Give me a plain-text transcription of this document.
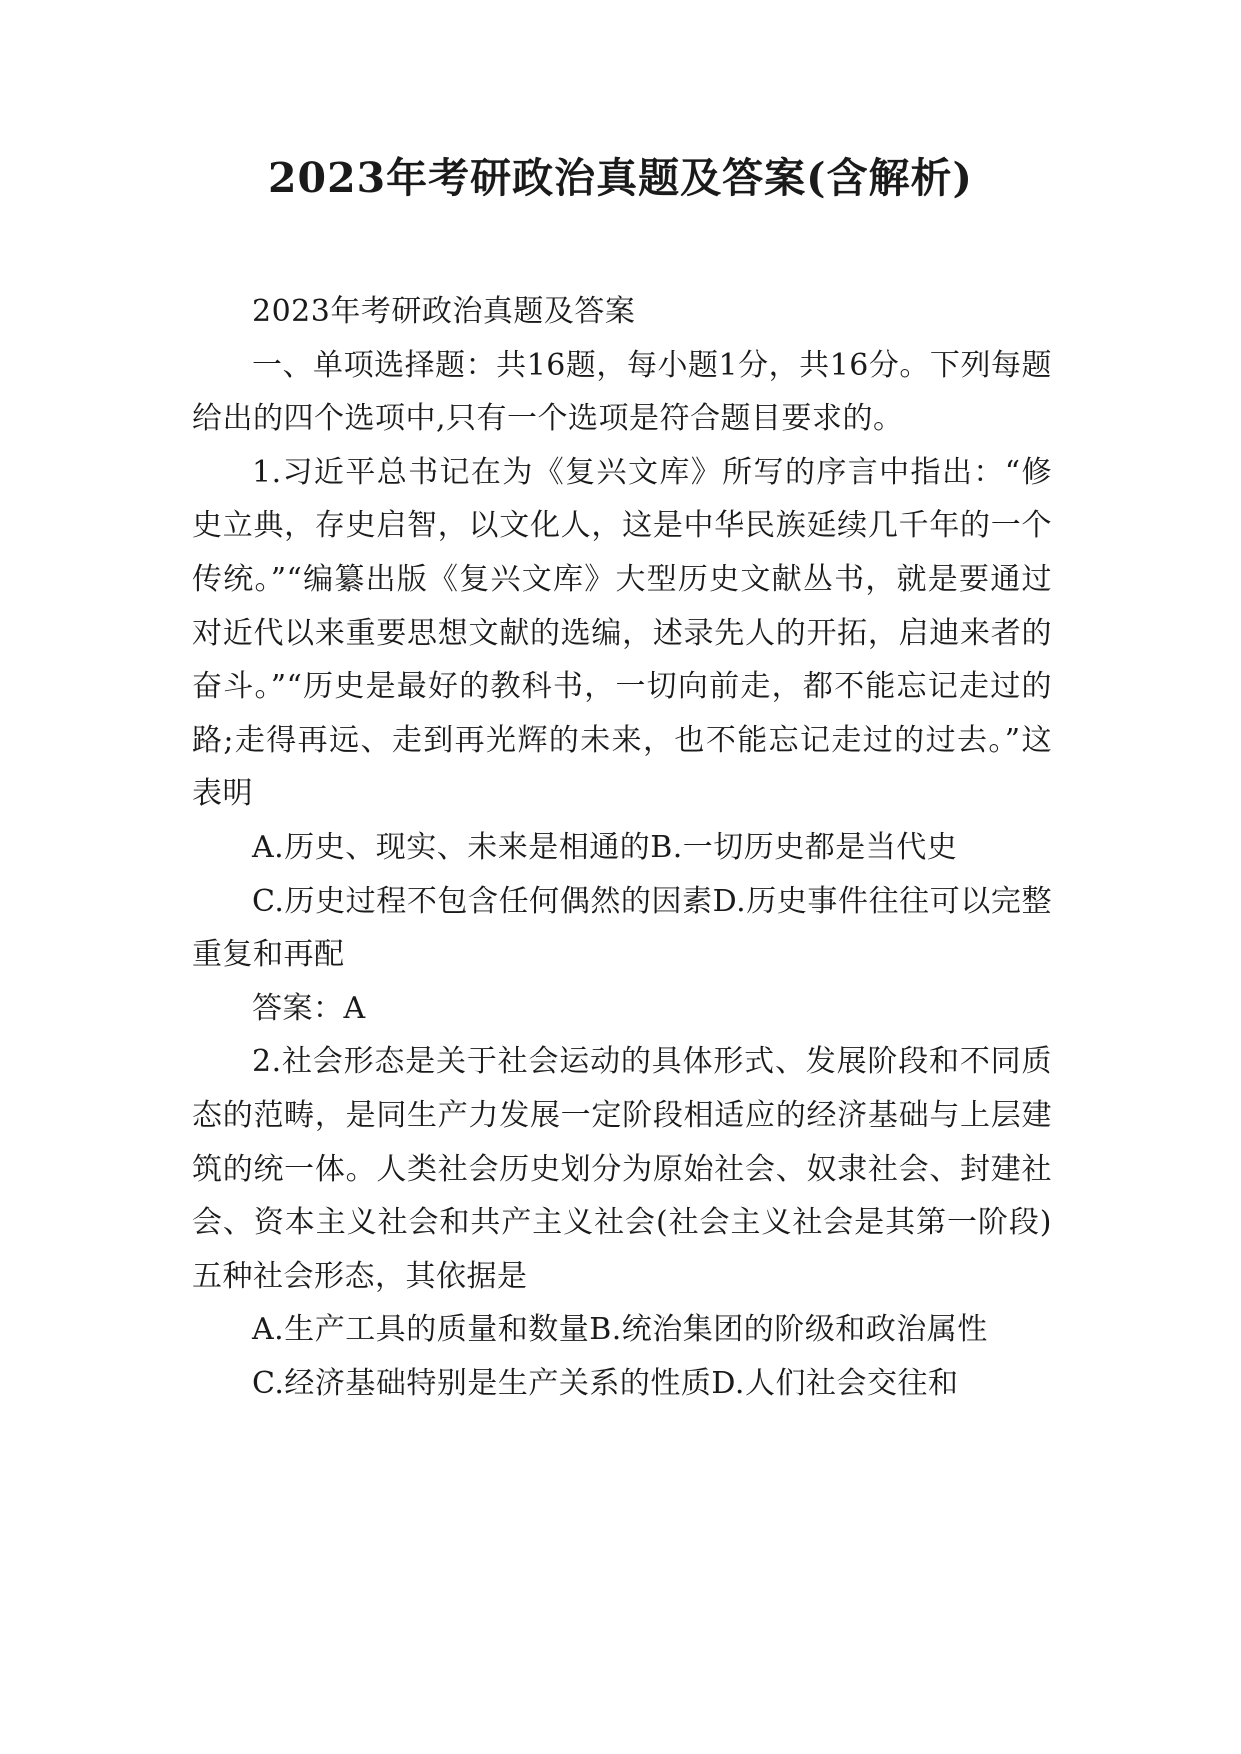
2023年考研政治真题及答案(含解析)

2023年考研政治真题及答案

一、单项选择题：共16题，每小题1分，共16分。下列每题给出的四个选项中,只有一个选项是符合题目要求的。

1.习近平总书记在为《复兴文库》所写的序言中指出：“修史立典，存史启智，以文化人，这是中华民族延续几千年的一个传统。”“编纂出版《复兴文库》大型历史文献丛书，就是要通过对近代以来重要思想文献的选编，述录先人的开拓，启迪来者的奋斗。”“历史是最好的教科书，一切向前走，都不能忘记走过的路;走得再远、走到再光辉的未来，也不能忘记走过的过去。”这表明

A.历史、现实、未来是相通的B.一切历史都是当代史

C.历史过程不包含任何偶然的因素D.历史事件往往可以完整重复和再配

答案：A

2.社会形态是关于社会运动的具体形式、发展阶段和不同质态的范畴，是同生产力发展一定阶段相适应的经济基础与上层建筑的统一体。人类社会历史划分为原始社会、奴隶社会、封建社会、资本主义社会和共产主义社会(社会主义社会是其第一阶段)五种社会形态，其依据是

A.生产工具的质量和数量B.统治集团的阶级和政治属性

C.经济基础特别是生产关系的性质D.人们社会交往和
